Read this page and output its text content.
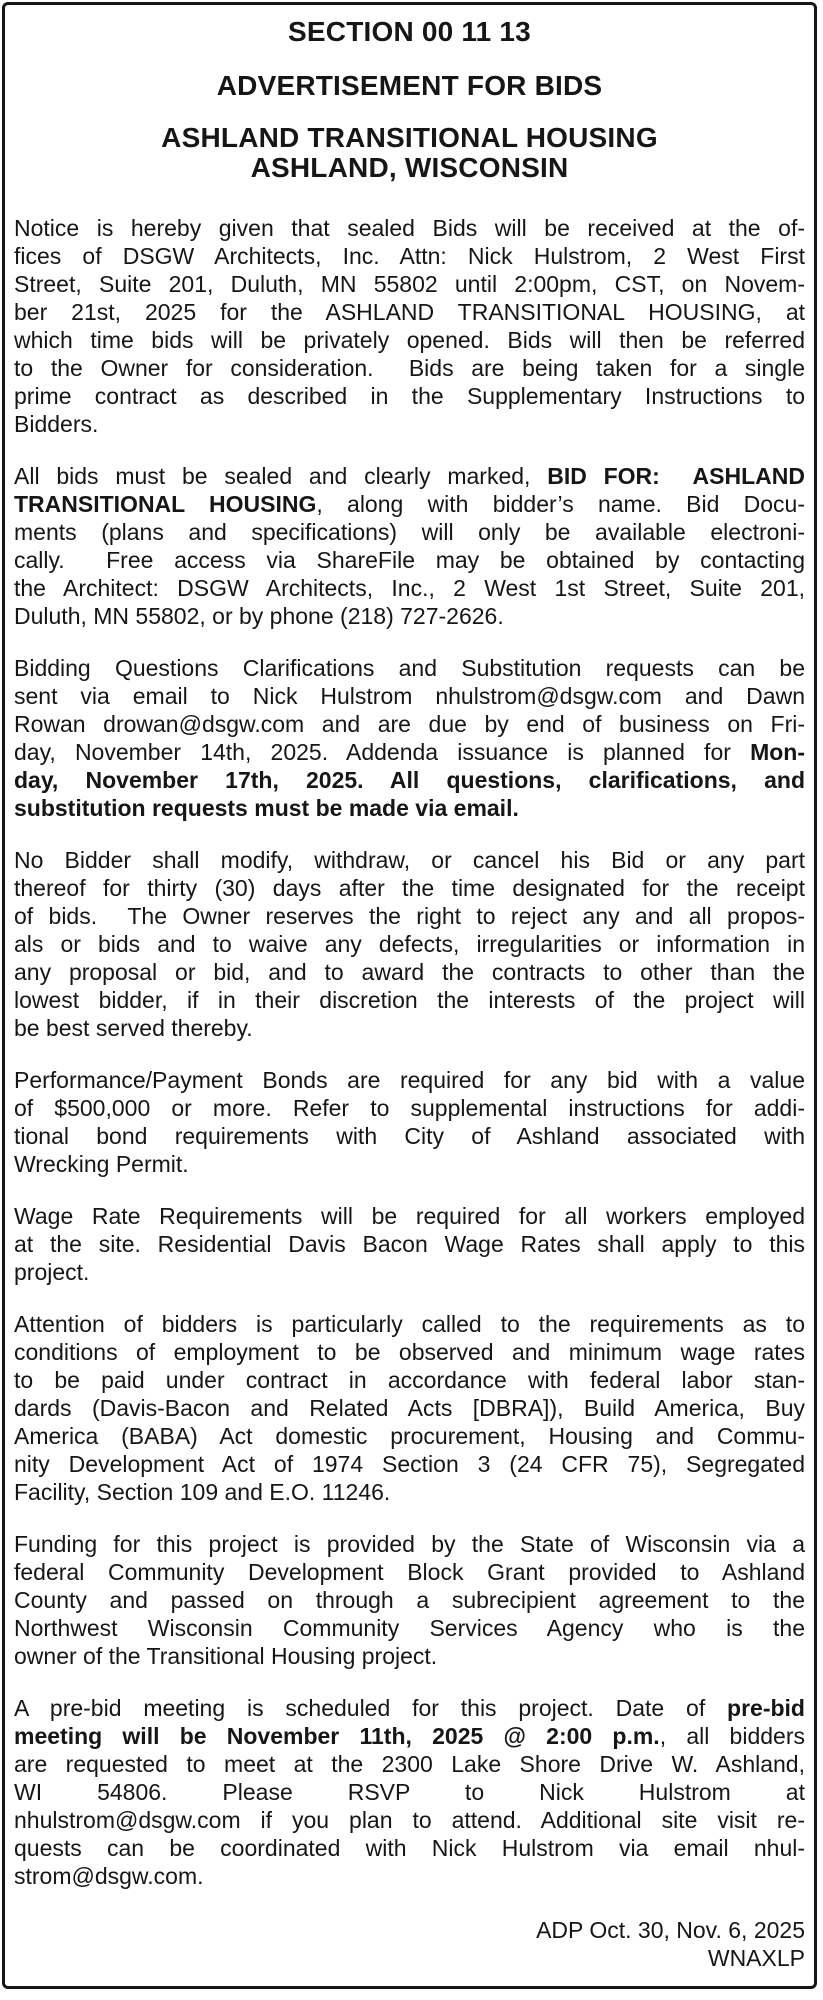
SECTION 00 11 13
ADVERTISEMENT FOR BIDS
ASHLAND TRANSITIONAL HOUSING
ASHLAND, WISCONSIN
Notice is hereby given that sealed Bids will be received at the of-
fices of DSGW Architects, Inc. Attn: Nick Hulstrom, 2 West First
Street, Suite 201, Duluth, MN 55802 until 2:00pm, CST, on Novem-
ber 21st, 2025 for the ASHLAND TRANSITIONAL HOUSING, at
which time bids will be privately opened. Bids will then be referred
to the Owner for consideration.  Bids are being taken for a single
prime contract as described in the Supplementary Instructions to
Bidders.
All bids must be sealed and clearly marked, BID FOR:  ASHLAND
TRANSITIONAL HOUSING, along with bidder’s name. Bid Docu-
ments (plans and specifications) will only be available electroni-
cally.  Free access via ShareFile may be obtained by contacting
the Architect: DSGW Architects, Inc., 2 West 1st Street, Suite 201,
Duluth, MN 55802, or by phone (218) 727-2626.
Bidding Questions Clarifications and Substitution requests can be
sent via email to Nick Hulstrom nhulstrom@dsgw.com and Dawn
Rowan drowan@dsgw.com and are due by end of business on Fri-
day, November 14th, 2025. Addenda issuance is planned for Mon-
day, November 17th, 2025. All questions, clarifications, and
substitution requests must be made via email.
No Bidder shall modify, withdraw, or cancel his Bid or any part
thereof for thirty (30) days after the time designated for the receipt
of bids.  The Owner reserves the right to reject any and all propos-
als or bids and to waive any defects, irregularities or information in
any proposal or bid, and to award the contracts to other than the
lowest bidder, if in their discretion the interests of the project will
be best served thereby.
Performance/Payment Bonds are required for any bid with a value
of $500,000 or more. Refer to supplemental instructions for addi-
tional bond requirements with City of Ashland associated with
Wrecking Permit.
Wage Rate Requirements will be required for all workers employed
at the site. Residential Davis Bacon Wage Rates shall apply to this
project.
Attention of bidders is particularly called to the requirements as to
conditions of employment to be observed and minimum wage rates
to be paid under contract in accordance with federal labor stan-
dards (Davis-Bacon and Related Acts [DBRA]), Build America, Buy
America (BABA) Act domestic procurement, Housing and Commu-
nity Development Act of 1974 Section 3 (24 CFR 75), Segregated
Facility, Section 109 and E.O. 11246.
Funding for this project is provided by the State of Wisconsin via a
federal Community Development Block Grant provided to Ashland
County and passed on through a subrecipient agreement to the
Northwest Wisconsin Community Services Agency who is the
owner of the Transitional Housing project.
A pre-bid meeting is scheduled for this project. Date of pre-bid
meeting will be November 11th, 2025 @ 2:00 p.m., all bidders
are requested to meet at the 2300 Lake Shore Drive W. Ashland,
WI 54806. Please RSVP to Nick Hulstrom at
nhulstrom@dsgw.com if you plan to attend. Additional site visit re-
quests can be coordinated with Nick Hulstrom via email nhul-
strom@dsgw.com.
ADP Oct. 30, Nov. 6, 2025
WNAXLP
